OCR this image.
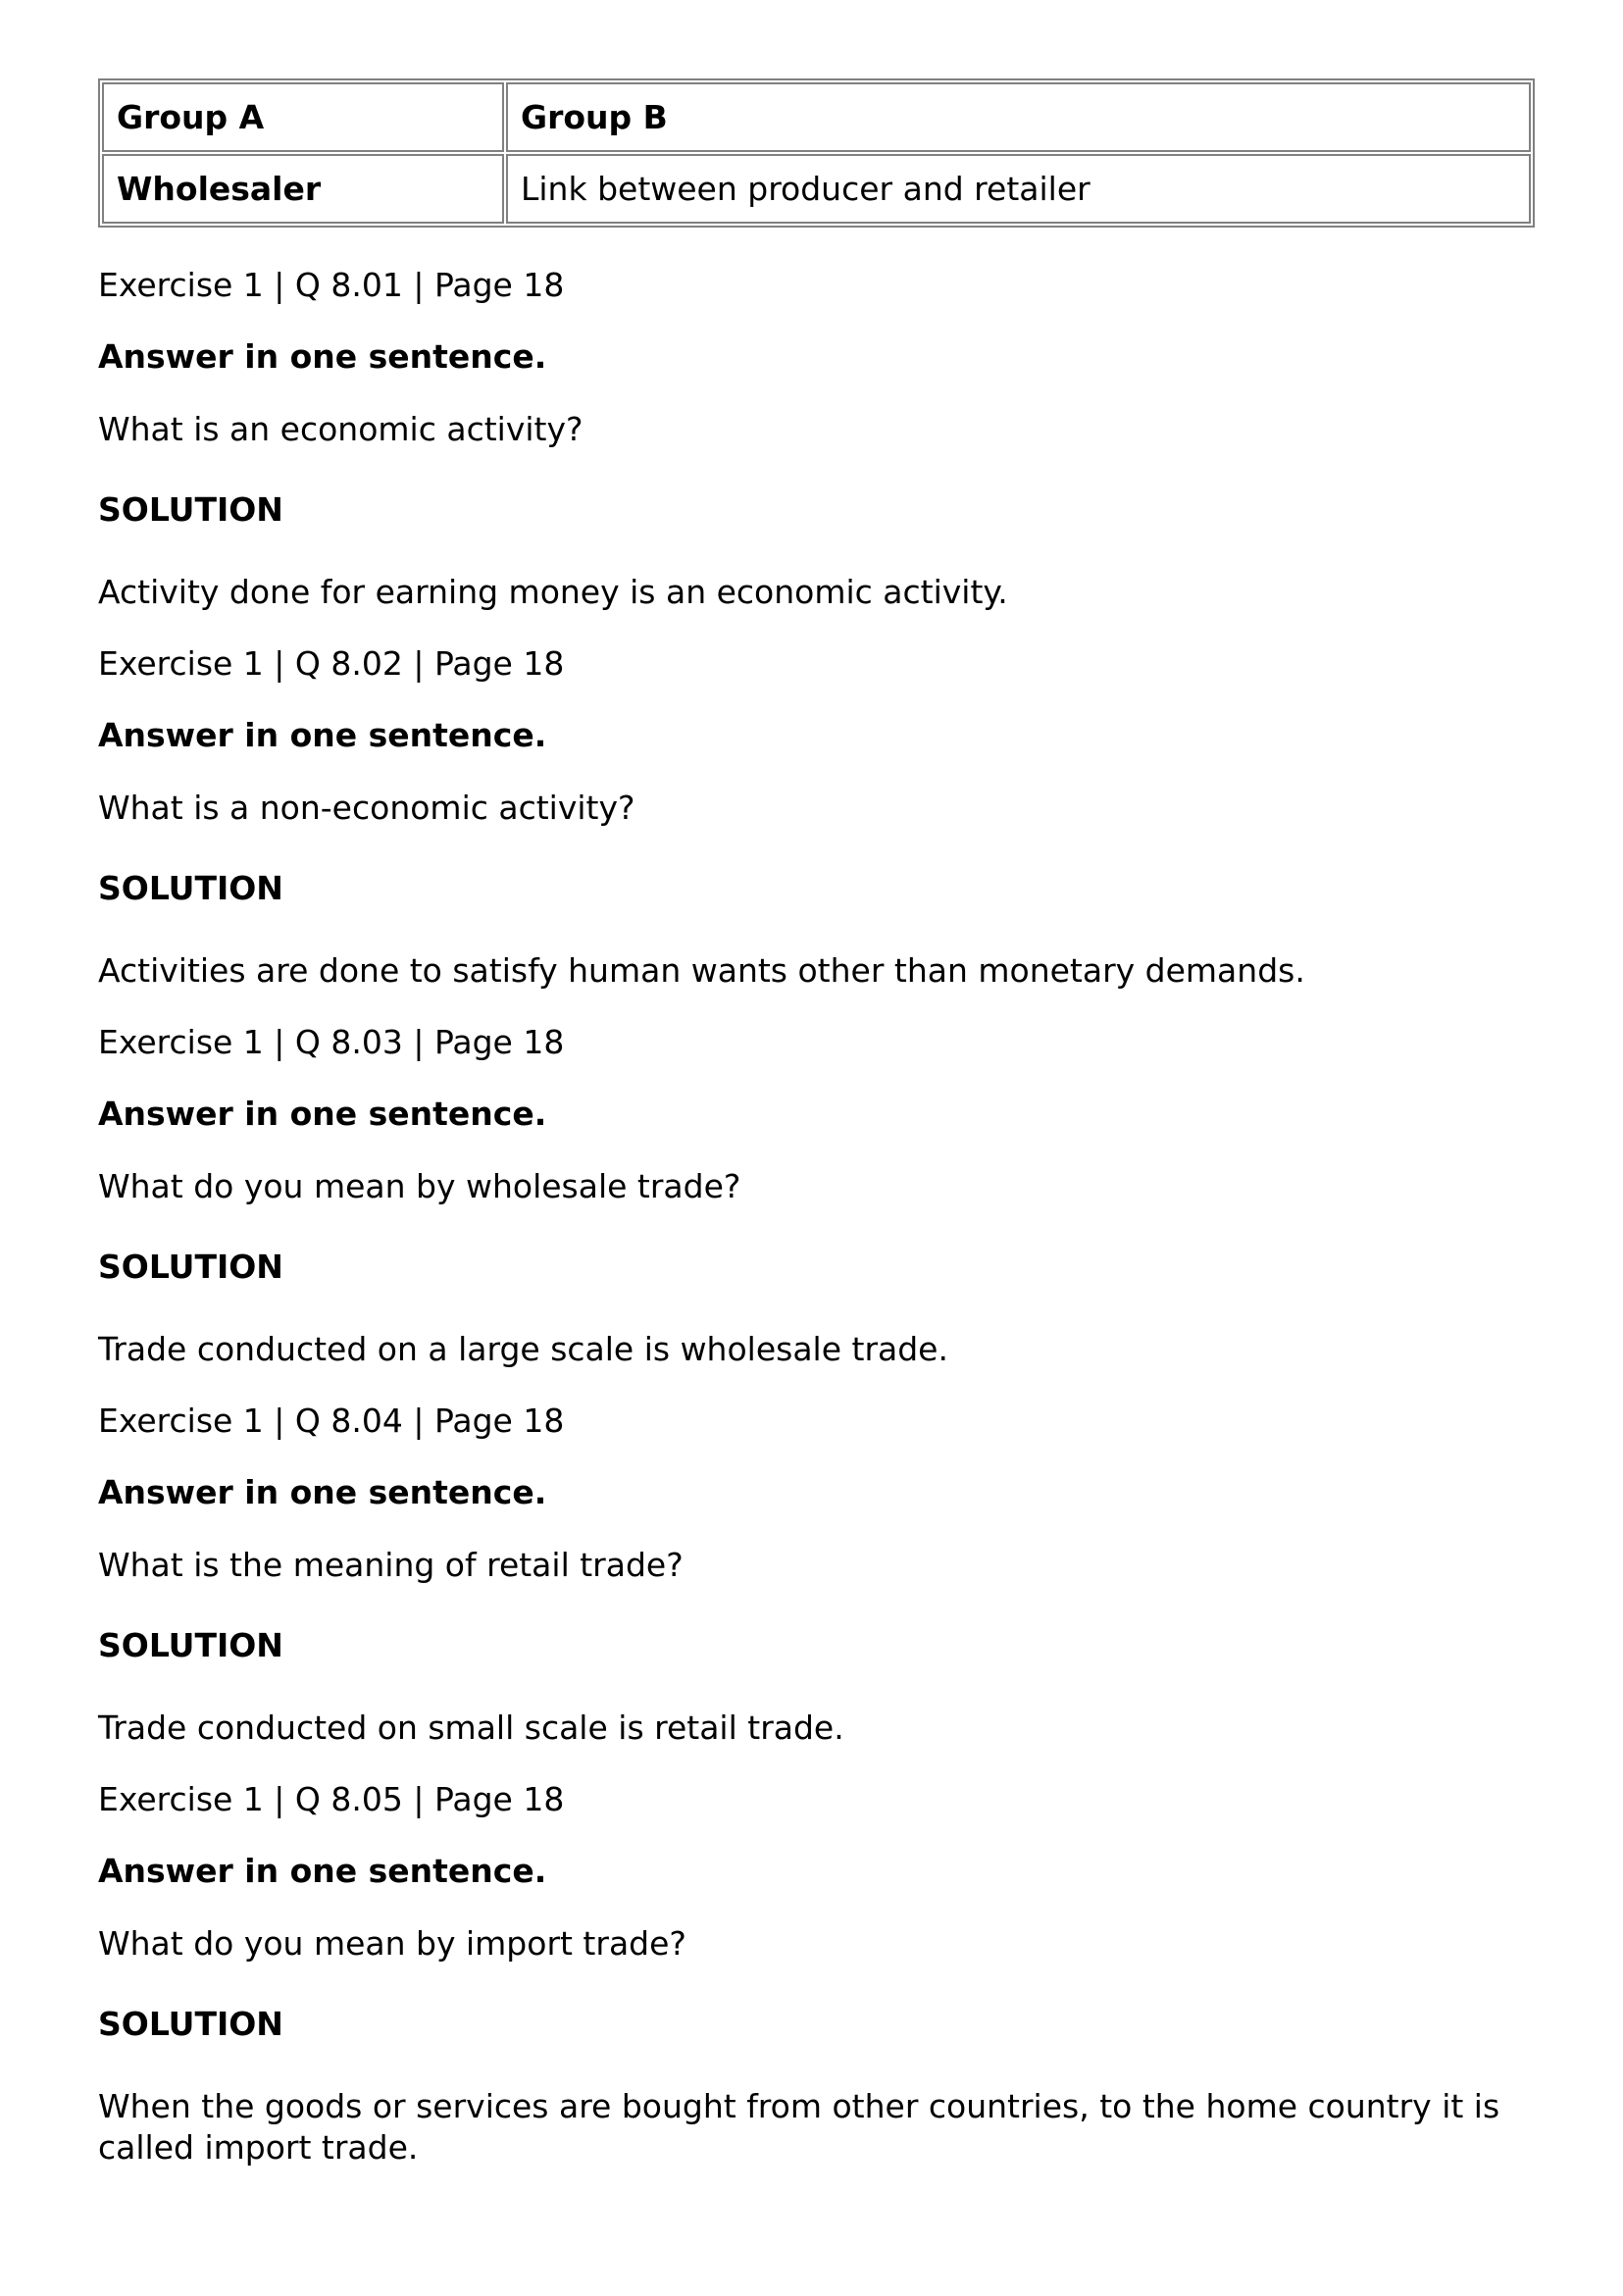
Group A	Group B
Wholesaler	Link between producer and retailer
Exercise 1 | Q 8.01 | Page 18
Answer in one sentence.
What is an economic activity?
SOLUTION
Activity done for earning money is an economic activity.
Exercise 1 | Q 8.02 | Page 18
Answer in one sentence.
What is a non-economic activity?
SOLUTION
Activities are done to satisfy human wants other than monetary demands.
Exercise 1 | Q 8.03 | Page 18
Answer in one sentence.
What do you mean by wholesale trade?
SOLUTION
Trade conducted on a large scale is wholesale trade.
Exercise 1 | Q 8.04 | Page 18
Answer in one sentence.
What is the meaning of retail trade?
SOLUTION
Trade conducted on small scale is retail trade.
Exercise 1 | Q 8.05 | Page 18
Answer in one sentence.
What do you mean by import trade?
SOLUTION
When the goods or services are bought from other countries, to the home country it is called import trade.
